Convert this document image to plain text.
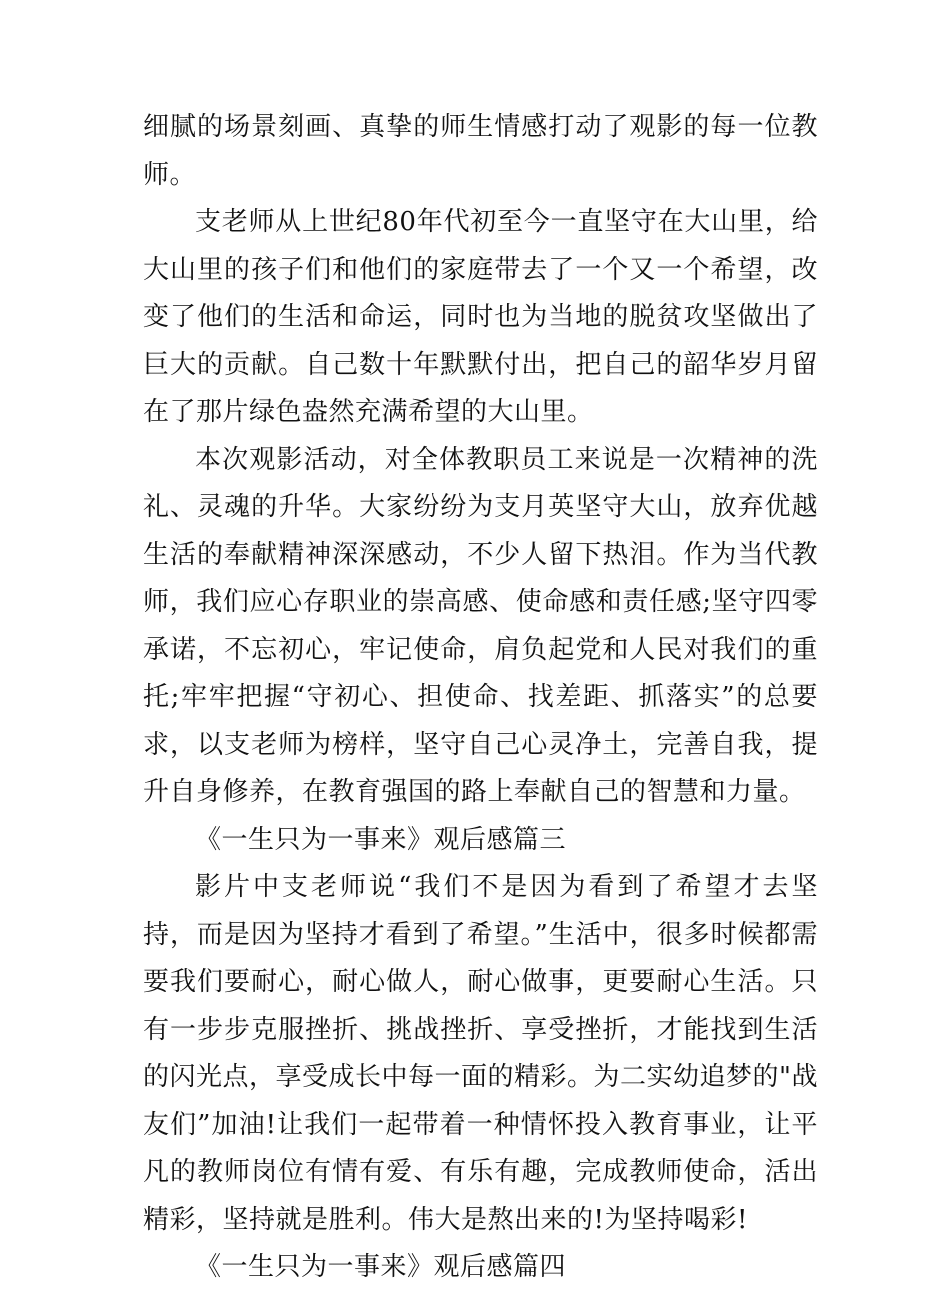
细腻的场景刻画、真挚的师生情感打动了观影的每一位教师。

支老师从上世纪80年代初至今一直坚守在大山里，给大山里的孩子们和他们的家庭带去了一个又一个希望，改变了他们的生活和命运，同时也为当地的脱贫攻坚做出了巨大的贡献。自己数十年默默付出，把自己的韶华岁月留在了那片绿色盎然充满希望的大山里。

本次观影活动，对全体教职员工来说是一次精神的洗礼、灵魂的升华。大家纷纷为支月英坚守大山，放弃优越生活的奉献精神深深感动，不少人留下热泪。作为当代教师，我们应心存职业的崇高感、使命感和责任感;坚守四零承诺，不忘初心，牢记使命，肩负起党和人民对我们的重托;牢牢把握“守初心、担使命、找差距、抓落实”的总要求，以支老师为榜样，坚守自己心灵净土，完善自我，提升自身修养，在教育强国的路上奉献自己的智慧和力量。

《一生只为一事来》观后感篇三

影片中支老师说“我们不是因为看到了希望才去坚持，而是因为坚持才看到了希望。”生活中，很多时候都需要我们要耐心，耐心做人，耐心做事，更要耐心生活。只有一步步克服挫折、挑战挫折、享受挫折，才能找到生活的闪光点，享受成长中每一面的精彩。为二实幼追梦的"战友们”加油!让我们一起带着一种情怀投入教育事业，让平凡的教师岗位有情有爱、有乐有趣，完成教师使命，活出精彩，坚持就是胜利。伟大是熬出来的!为坚持喝彩!

《一生只为一事来》观后感篇四
